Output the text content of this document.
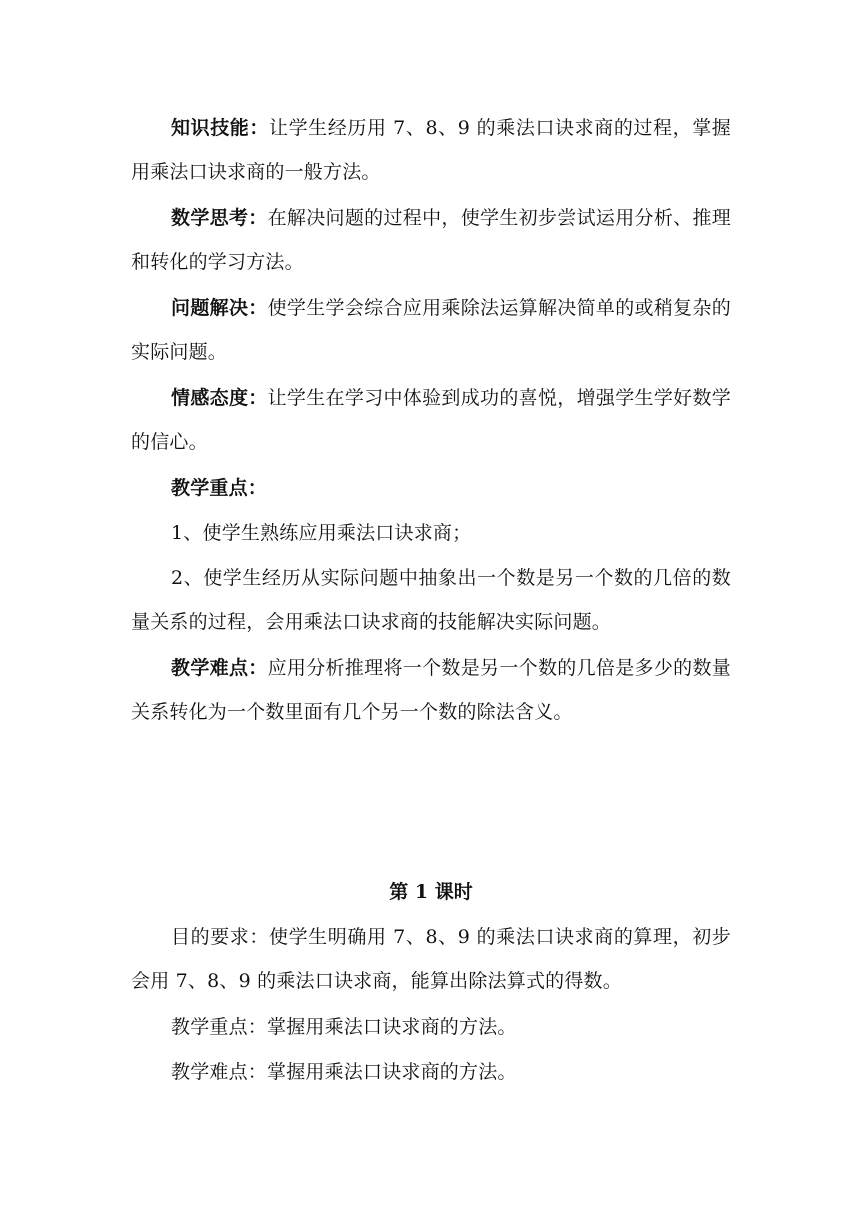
知识技能：让学生经历用 7、8、9 的乘法口诀求商的过程，掌握用乘法口诀求商的一般方法。

数学思考：在解决问题的过程中，使学生初步尝试运用分析、推理和转化的学习方法。

问题解决：使学生学会综合应用乘除法运算解决简单的或稍复杂的实际问题。

情感态度：让学生在学习中体验到成功的喜悦，增强学生学好数学的信心。

教学重点：

1、使学生熟练应用乘法口诀求商；

2、使学生经历从实际问题中抽象出一个数是另一个数的几倍的数量关系的过程，会用乘法口诀求商的技能解决实际问题。

教学难点：应用分析推理将一个数是另一个数的几倍是多少的数量关系转化为一个数里面有几个另一个数的除法含义。

第 1 课时

目的要求：使学生明确用 7、8、9 的乘法口诀求商的算理，初步会用 7、8、9 的乘法口诀求商，能算出除法算式的得数。

教学重点：掌握用乘法口诀求商的方法。

教学难点：掌握用乘法口诀求商的方法。
